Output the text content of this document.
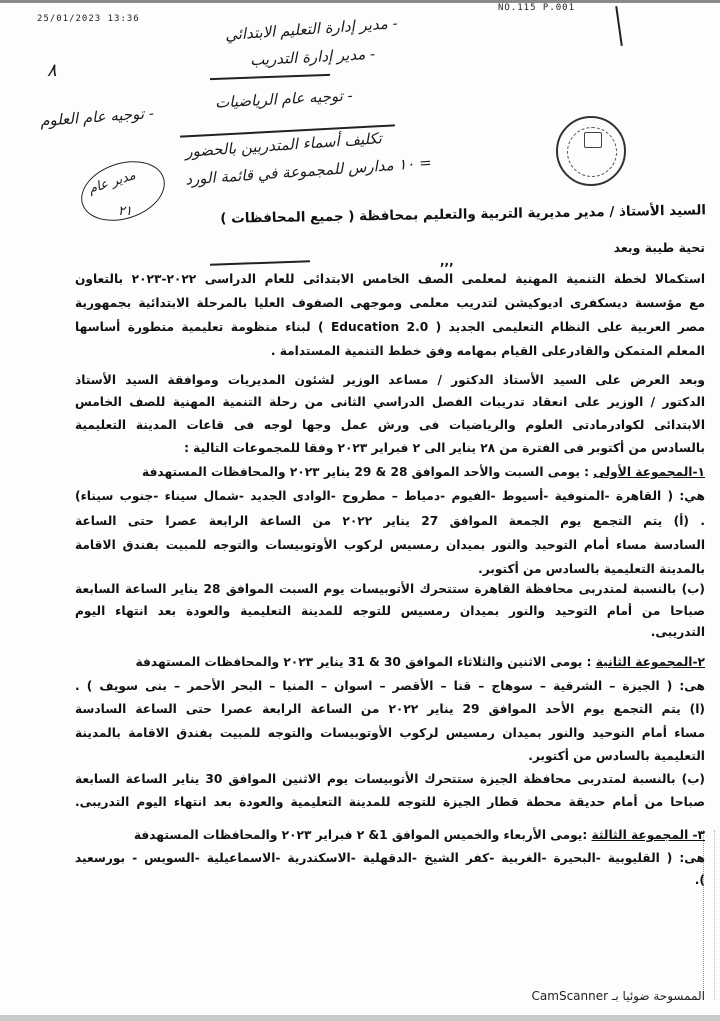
25/01/2023 13:36
NO.115 P.001
- مدير إدارة التعليم الابتدائي
- مدير إدارة التدريب
- توجيه عام الرياضيات
- توجيه عام العلوم
تكليف أسماء المتدربين بالحضور
= ١٠ مدارس للمجموعة في قائمة الورد
٨
مدير عام
٢١	السيد الأستاذ / مدير مديرية التربية والتعليم بمحافظة ( جميع المحافظات )
تحية طيبة وبعد
,,,
استكمالا لخطة التنمية المهنية لمعلمى الصف الخامس الابتدائى للعام الدراسى ٢٠٢٢-٢٠٢٣ بالتعاون
مع مؤسسة ديسكفرى اديوكيشن لتدريب معلمى وموجهى الصفوف العليا بالمرحلة الابتدائية بجمهورية
مصر العربية على النظام التعليمى الجديد ( Education 2.0 ) لبناء منظومة تعليمية متطورة أساسها
المعلم المتمكن والقادرعلى القيام بمهامه وفق خطط التنمية المستدامة .
وبعد العرض على السيد الأستاذ الدكتور / مساعد الوزير لشئون المديريات وموافقة السيد الأستاذ
الدكتور / الوزير على انعقاد تدريبات الفصل الدراسي الثانى من رحلة التنمية المهنية للصف الخامس
الابتدائى لكوادرمادتى العلوم والرياضيات فى ورش عمل وجها لوجه فى قاعات المدينة التعليمية
بالسادس من أكتوبر فى الفترة من ٢٨ يناير الى ٢ فبراير ٢٠٢٣ وفقا للمجموعات التالية :
١-المجموعة الأولى : يومى السبت والأحد الموافق 28 & 29 يناير ٢٠٢٣ والمحافظات المستهدفة
هي: ( القاهرة -المنوفية -أسيوط -الفيوم -دمياط – مطروح -الوادى الجديد -شمال سيناء -جنوب سيناء)
. (أ) يتم التجمع يوم الجمعة الموافق 27 يناير ٢٠٢٢ من الساعة الرابعة عصرا حتى الساعة
السادسة مساء أمام التوحيد والنور بميدان رمسيس لركوب الأوتوبيسات والتوجه للمبيت بفندق الاقامة
بالمدينة التعليمية بالسادس من أكتوبر.
(ب) بالنسبة لمتدربى محافظة القاهرة ستتحرك الأتوبيسات يوم السبت الموافق 28 يناير الساعة السابعة
صباحا من أمام التوحيد والنور بميدان رمسيس للتوجه للمدينة التعليمية والعودة بعد انتهاء اليوم
التدريبى.
٢-المجموعة الثانية : يومى الاثنين والثلاثاء الموافق 30 & 31 يناير ٢٠٢٣ والمحافظات المستهدفة
هى: ( الجيزة – الشرقية – سوهاج – قنا – الأقصر – اسوان – المنيا – البحر الأحمر – بنى سويف ) .
(ا) يتم التجمع يوم الأحد الموافق 29 يناير ٢٠٢٢ من الساعة الرابعة عصرا حتى الساعة السادسة
مساء أمام التوحيد والنور بميدان رمسيس لركوب الأوتوبيسات والتوجه للمبيت بفندق الاقامة بالمدينة
التعليمية بالسادس من أكتوبر.
(ب) بالنسبة لمتدربى محافظة الجيزة ستتحرك الأتوبيسات يوم الاثنين الموافق 30 يناير الساعة السابعة
صباحا من أمام حديقة محطة قطار الجيزة للتوجه للمدينة التعليمية والعودة بعد انتهاء اليوم التدريبى.
٣- المجموعة الثالثة :يومى الأربعاء والخميس الموافق 1& ٢ فبراير ٢٠٢٣ والمحافظات المستهدفة
هى: ( القليوبية -البحيرة -الغربية -كفر الشيخ -الدقهلية -الاسكندرية -الاسماعيلية -السويس - بورسعيد
).
الممسوحة ضوئيا بـ CamScanner
